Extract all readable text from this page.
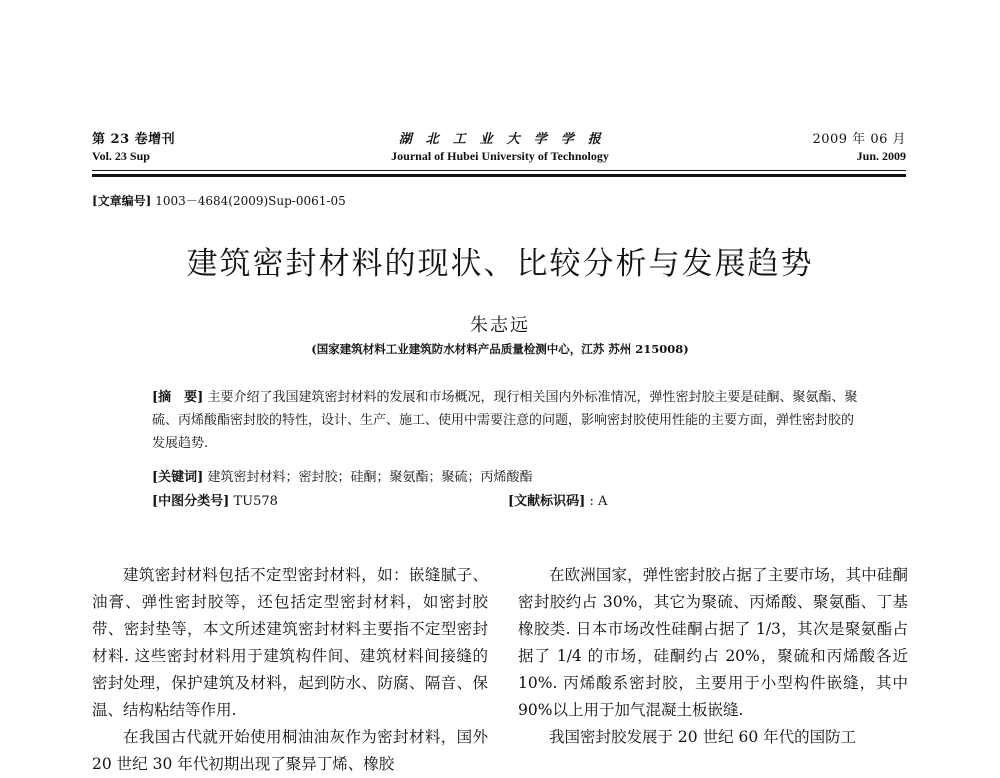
第 23 卷增刊
Vol. 23 Sup
湖　北　工　业　大　学　学　报
Journal of Hubei University of Technology
2009 年 06 月
Jun. 2009
[文章编号] 1003－4684(2009)Sup-0061-05
建筑密封材料的现状、比较分析与发展趋势
朱志远
(国家建筑材料工业建筑防水材料产品质量检测中心，江苏 苏州 215008)
[摘　要] 主要介绍了我国建筑密封材料的发展和市场概况，现行相关国内外标准情况，弹性密封胶主要是硅酮、聚氨酯、聚硫、丙烯酸酯密封胶的特性，设计、生产、施工、使用中需要注意的问题，影响密封胶使用性能的主要方面，弹性密封胶的发展趋势.
[关键词] 建筑密封材料；密封胶；硅酮；聚氨酯；聚硫；丙烯酸酯
[中图分类号] TU578	[文献标识码] : A

建筑密封材料包括不定型密封材料，如：嵌缝腻子、油膏、弹性密封胶等，还包括定型密封材料，如密封胶带、密封垫等，本文所述建筑密封材料主要指不定型密封材料. 这些密封材料用于建筑构件间、建筑材料间接缝的密封处理，保护建筑及材料，起到防水、防腐、隔音、保温、结构粘结等作用.

在我国古代就开始使用桐油油灰作为密封材料，国外 20 世纪 30 年代初期出现了聚异丁烯、橡胶

在欧洲国家，弹性密封胶占据了主要市场，其中硅酮密封胶约占 30%，其它为聚硫、丙烯酸、聚氨酯、丁基橡胶类. 日本市场改性硅酮占据了 1/3，其次是聚氨酯占据了 1/4 的市场，硅酮约占 20%，聚硫和丙烯酸各近 10%. 丙烯酸系密封胶，主要用于小型构件嵌缝，其中 90%以上用于加气混凝土板嵌缝.

我国密封胶发展于 20 世纪 60 年代的国防工
